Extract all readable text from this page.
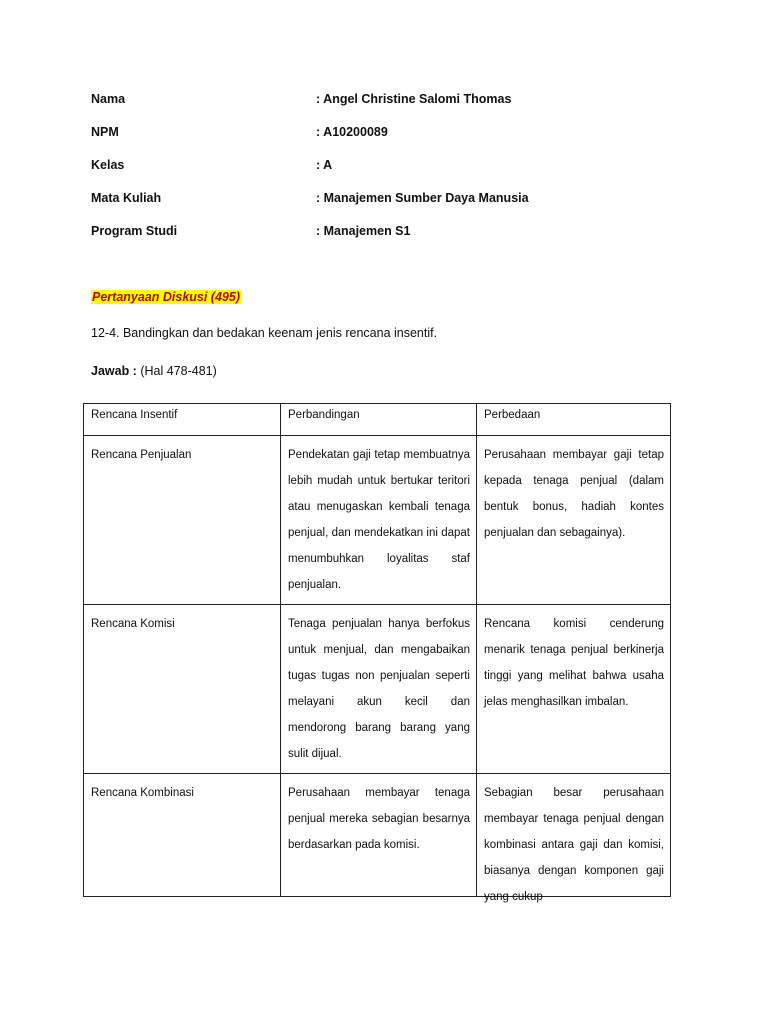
Nama	: Angel Christine Salomi Thomas
NPM	: A10200089
Kelas	: A
Mata Kuliah	: Manajemen Sumber Daya Manusia
Program Studi	: Manajemen S1
Pertanyaan Diskusi (495)
12-4. Bandingkan dan bedakan keenam jenis rencana insentif.
Jawab : (Hal 478-481)
Rencana Insentif	Perbandingan	Perbedaan
Rencana Penjualan	Pendekatan gaji tetap membuatnya lebih mudah untuk bertukar teritori atau menugaskan kembali tenaga penjual, dan mendekatkan ini dapat menumbuhkan loyalitas staf penjualan.	Perusahaan membayar gaji tetap kepada tenaga penjual (dalam bentuk bonus, hadiah kontes penjualan dan sebagainya).
Rencana Komisi	Tenaga penjualan hanya berfokus untuk menjual, dan mengabaikan tugas tugas non penjualan seperti melayani akun kecil dan mendorong barang barang yang sulit dijual.	Rencana komisi cenderung menarik tenaga penjual berkinerja tinggi yang melihat bahwa usaha jelas menghasilkan imbalan.
Rencana Kombinasi	Perusahaan membayar tenaga penjual mereka sebagian besarnya berdasarkan pada komisi.	Sebagian besar perusahaan membayar tenaga penjual dengan kombinasi antara gaji dan komisi, biasanya dengan komponen gaji yang cukup
